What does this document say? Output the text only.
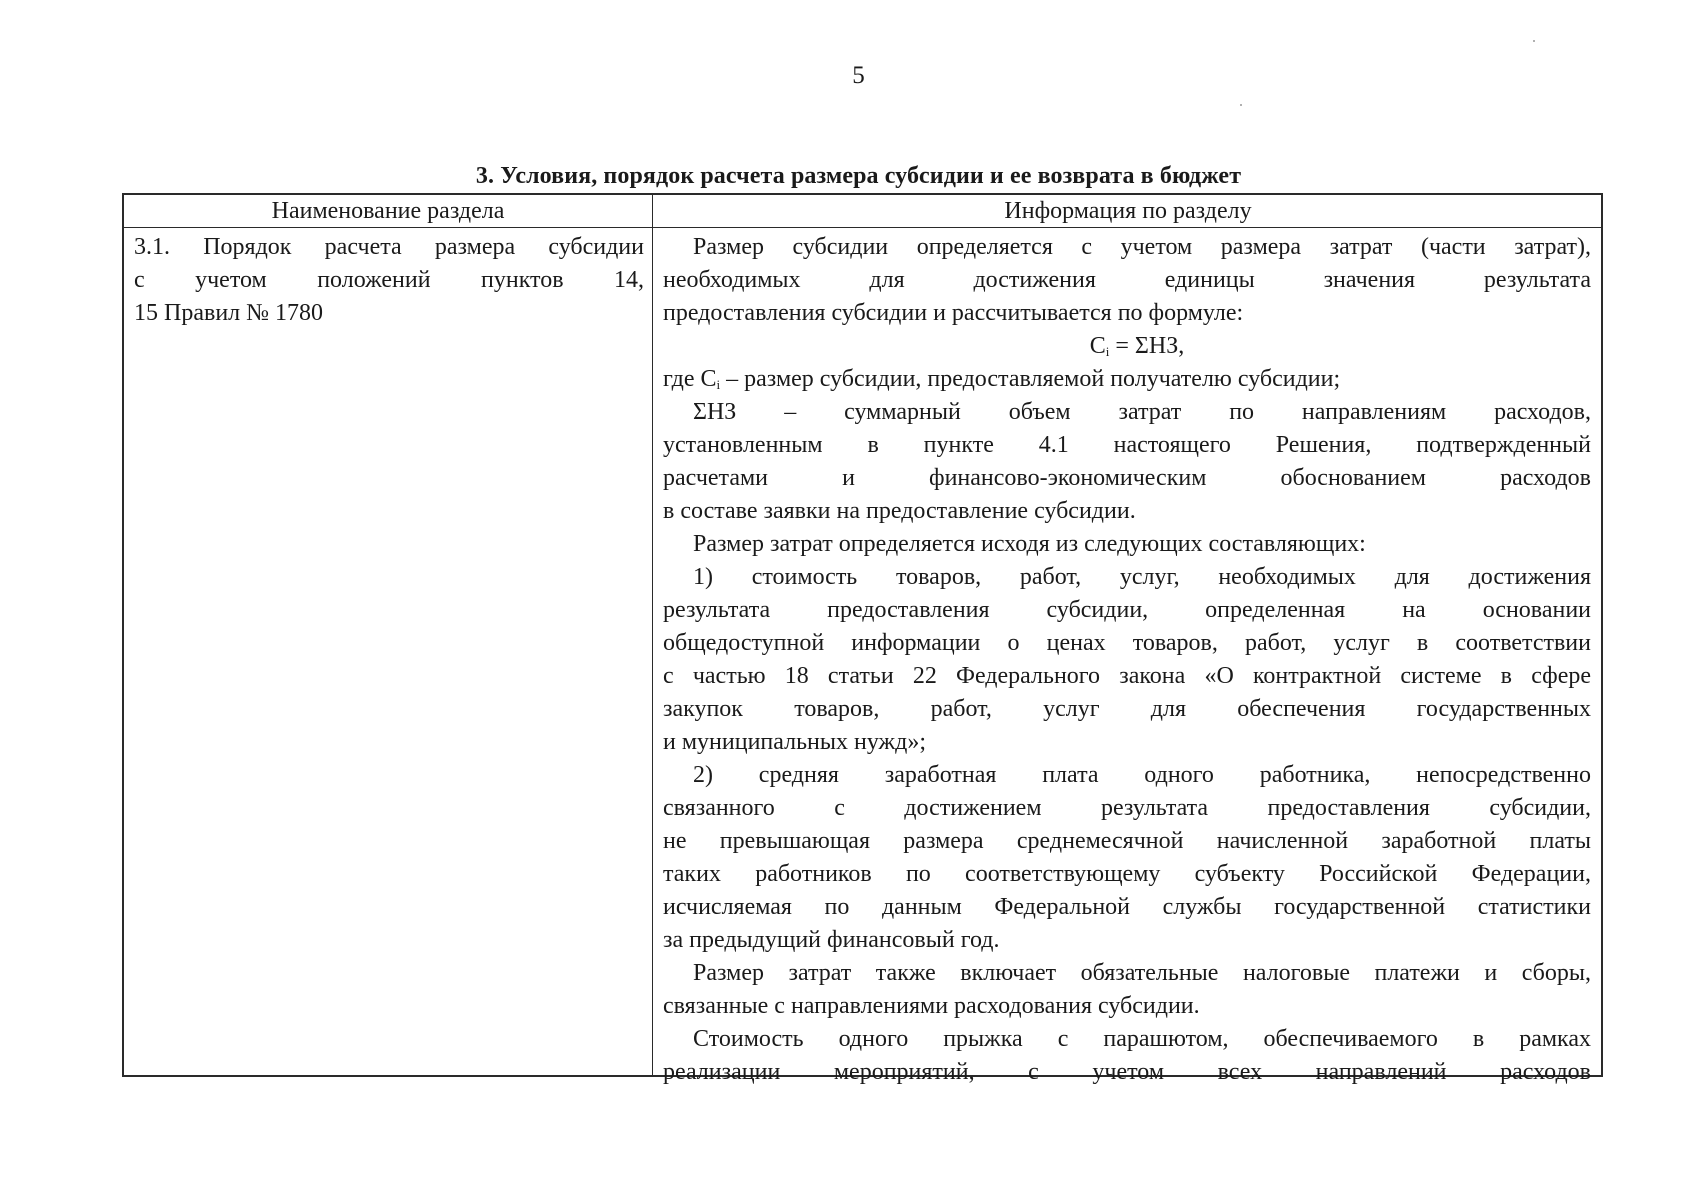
5
3. Условия, порядок расчета размера субсидии и ее возврата в бюджет
Наименование раздела	Информация по разделу
3.1. Порядок расчета размера субсидии
с учетом положений пунктов 14,
15 Правил № 1780
Размер субсидии определяется с учетом размера затрат (части затрат),
необходимых для достижения единицы значения результата
предоставления субсидии и рассчитывается по формуле:
$C_i = \Sigma НЗ$,
где $C_i$ – размер субсидии, предоставляемой получателю субсидии;
ΣНЗ – суммарный объем затрат по направлениям расходов,
установленным в пункте 4.1 настоящего Решения, подтвержденный
расчетами и финансово-экономическим обоснованием расходов
в составе заявки на предоставление субсидии.
Размер затрат определяется исходя из следующих составляющих:
1) стоимость товаров, работ, услуг, необходимых для достижения
результата предоставления субсидии, определенная на основании
общедоступной информации о ценах товаров, работ, услуг в соответствии
с частью 18 статьи 22 Федерального закона «О контрактной системе в сфере
закупок товаров, работ, услуг для обеспечения государственных
и муниципальных нужд»;
2) средняя заработная плата одного работника, непосредственно
связанного с достижением результата предоставления субсидии,
не превышающая размера среднемесячной начисленной заработной платы
таких работников по соответствующему субъекту Российской Федерации,
исчисляемая по данным Федеральной службы государственной статистики
за предыдущий финансовый год.
Размер затрат также включает обязательные налоговые платежи и сборы,
связанные с направлениями расходования субсидии.
Стоимость одного прыжка с парашютом, обеспечиваемого в рамках
реализации мероприятий, с учетом всех направлений расходов
